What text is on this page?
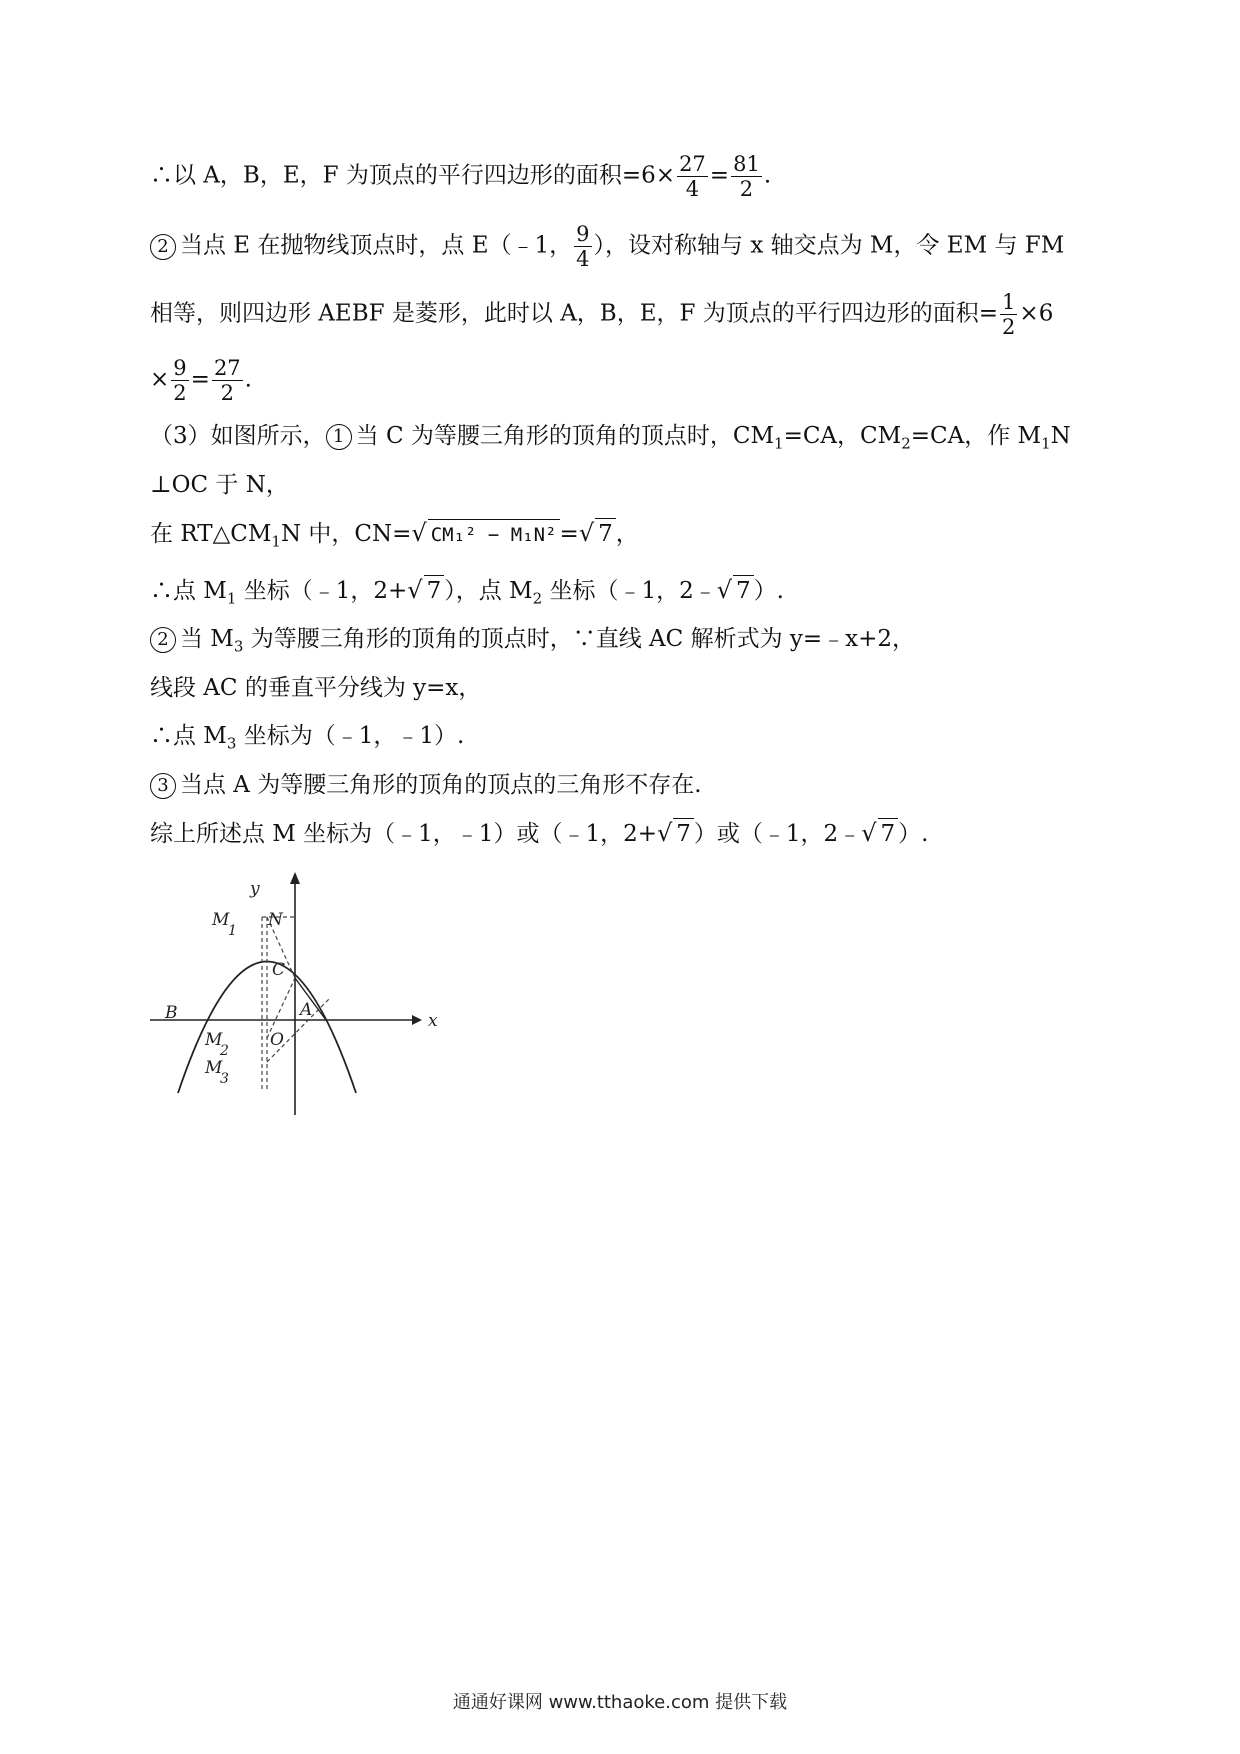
∴以 A，B，E，F 为顶点的平行四边形的面积$=6\times \frac{27}{4} = \frac{81}{2}$ .
2 当点 E 在抛物线顶点时，点 E（﹣1， $\frac{9}{4}$ ），设对称轴与 x 轴交点为 M，令 EM 与 FM
相等，则四边形 AEBF 是菱形，此时以 A，B，E，F 为顶点的平行四边形的面积= $\frac{1}{2} \times 6$
× $\frac{9}{2} = \frac{27}{2}$ .
（3）如图所示， 1 当 C 为等腰三角形的顶角的顶点时，$CM_1=CA$，$CM_2=CA$，作 $M_1N$
⊥OC 于 N，
在 $RT\triangle CM_1N$ 中，CN=√ CM₁² − M₁N² =√ 7 ，
∴点 $M_1$ 坐标（﹣1，2+√ 7 ），点 $M_2$ 坐标（﹣1，2﹣√ 7 ）.
2 当 $M_3$ 为等腰三角形的顶角的顶点时，∵直线 AC 解析式为 y=﹣x+2，
线段 AC 的垂直平分线为 y=x，
∴点 $M_3$ 坐标为（﹣1，﹣1）.
3 当点 A 为等腰三角形的顶角的顶点的三角形不存在.
综上所述点 M 坐标为（﹣1，﹣1）或（﹣1，2+√ 7 ）或（﹣1，2﹣√ 7 ）.
y
x
M
1
N
C
B	A
O
M
2
M
3
通通好课网 www.tthaoke.com 提供下载
